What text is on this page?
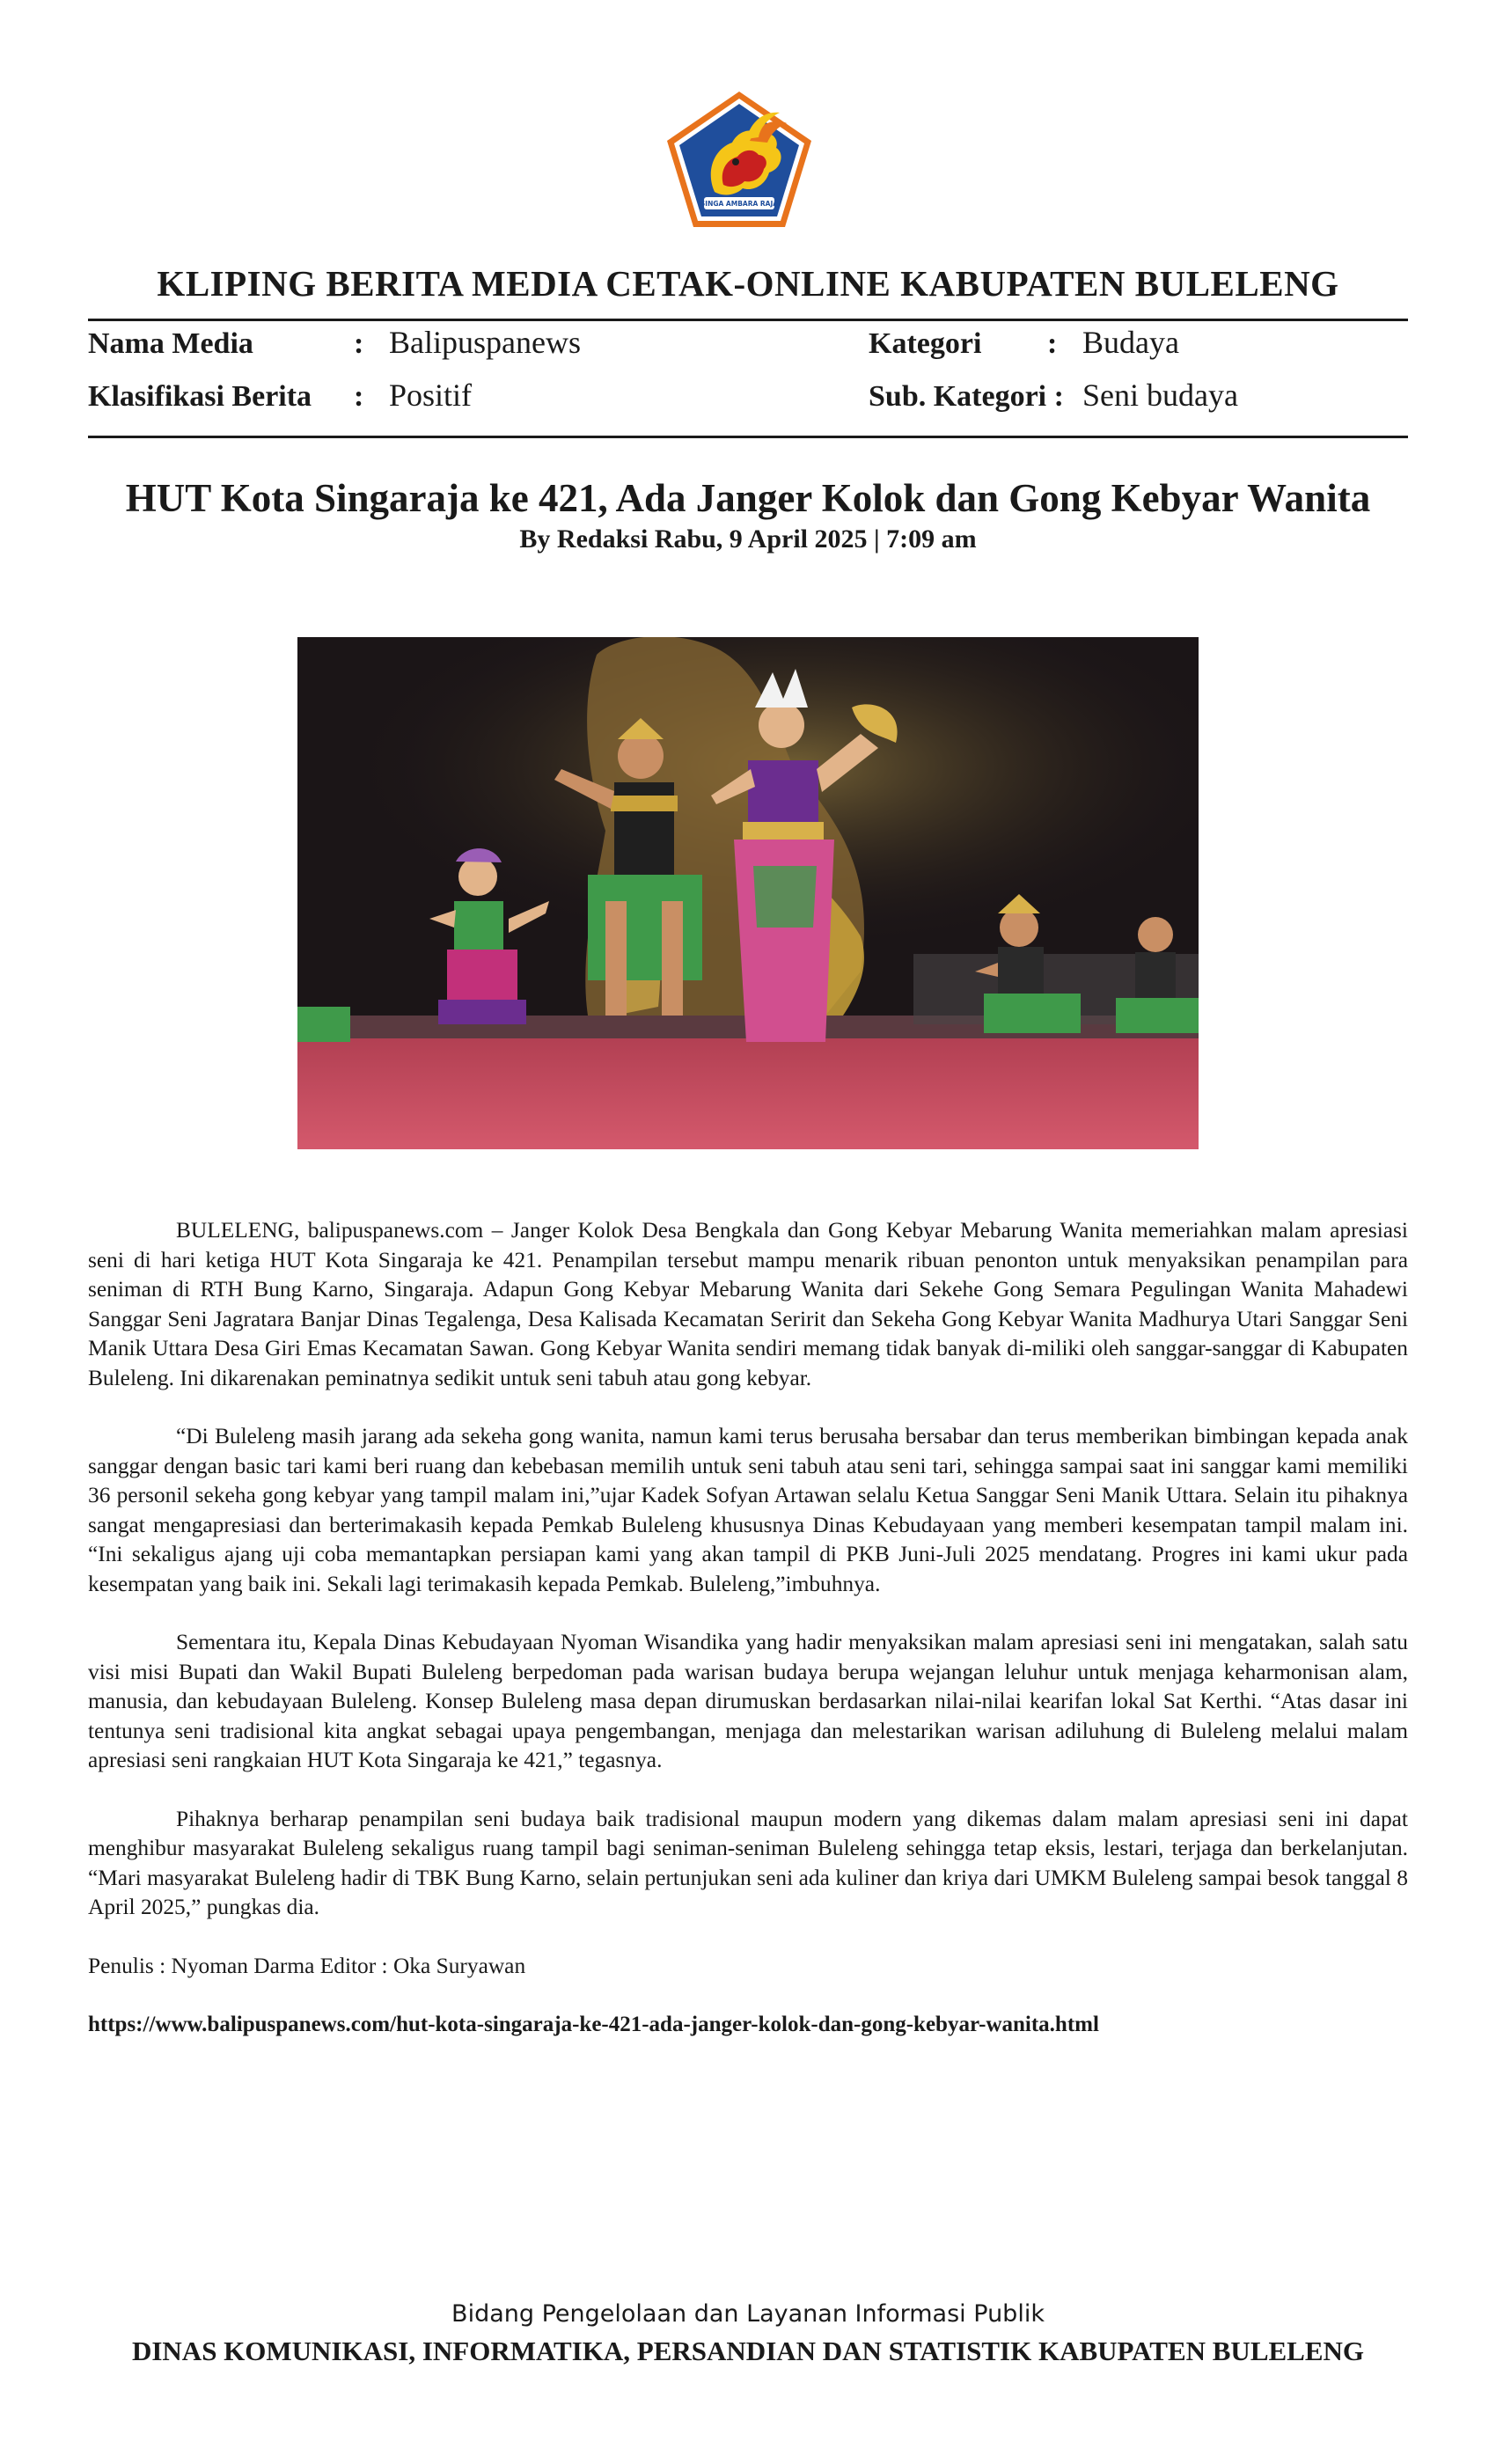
SINGA AMBARA RAJA
KLIPING BERITA MEDIA CETAK-ONLINE KABUPATEN BULELENG
Nama Media	: Balipuspanews	Kategori : Budaya
Klasifikasi Berita : Positif	Sub. Kategori : Seni budaya
HUT Kota Singaraja ke 421, Ada Janger Kolok dan Gong Kebyar Wanita
By Redaksi Rabu, 9 April 2025 | 7:09 am

BULELENG, balipuspanews.com – Janger Kolok Desa Bengkala dan Gong Kebyar Mebarung Wanita memeriahkan malam apresiasi seni di hari ketiga HUT Kota Singaraja ke 421. Penampilan tersebut mampu menarik ribuan penonton untuk menyaksikan penampilan para seniman di RTH Bung Karno, Singaraja. Adapun Gong Kebyar Mebarung Wanita dari Sekehe Gong Semara Pegulingan Wanita Mahadewi Sanggar Seni Jagratara Banjar Dinas Tegalenga, Desa Kalisada Kecamatan Seririt dan Sekeha Gong Kebyar Wanita Madhurya Utari Sanggar Seni Manik Uttara Desa Giri Emas Kecamatan Sawan. Gong Kebyar Wanita sendiri memang tidak banyak di-miliki oleh sanggar-sanggar di Kabupaten Buleleng. Ini dikarenakan peminatnya sedikit untuk seni tabuh atau gong kebyar.

“Di Buleleng masih jarang ada sekeha gong wanita, namun kami terus berusaha bersabar dan terus memberikan bimbingan kepada anak sanggar dengan basic tari kami beri ruang dan kebebasan memilih untuk seni tabuh atau seni tari, sehingga sampai saat ini sanggar kami memiliki 36 personil sekeha gong kebyar yang tampil malam ini,”ujar Kadek Sofyan Artawan selalu Ketua Sanggar Seni Manik Uttara. Selain itu pihaknya sangat mengapresiasi dan berterimakasih kepada Pemkab Buleleng khususnya Dinas Kebudayaan yang memberi kesempatan tampil malam ini. “Ini sekaligus ajang uji coba memantapkan persiapan kami yang akan tampil di PKB Juni-Juli 2025 mendatang. Progres ini kami ukur pada kesempatan yang baik ini. Sekali lagi terimakasih kepada Pemkab. Buleleng,”imbuhnya.

Sementara itu, Kepala Dinas Kebudayaan Nyoman Wisandika yang hadir menyaksikan malam apresiasi seni ini mengatakan, salah satu visi misi Bupati dan Wakil Bupati Buleleng berpedoman pada warisan budaya berupa wejangan leluhur untuk menjaga keharmonisan alam, manusia, dan kebudayaan Buleleng. Konsep Buleleng masa depan dirumuskan berdasarkan nilai-nilai kearifan lokal Sat Kerthi. “Atas dasar ini tentunya seni tradisional kita angkat sebagai upaya pengembangan, menjaga dan melestarikan warisan adiluhung di Buleleng melalui malam apresiasi seni rangkaian HUT Kota Singaraja ke 421,” tegasnya.

Pihaknya berharap penampilan seni budaya baik tradisional maupun modern yang dikemas dalam malam apresiasi seni ini dapat menghibur masyarakat Buleleng sekaligus ruang tampil bagi seniman-seniman Buleleng sehingga tetap eksis, lestari, terjaga dan berkelanjutan. “Mari masyarakat Buleleng hadir di TBK Bung Karno, selain pertunjukan seni ada kuliner dan kriya dari UMKM Buleleng sampai besok tanggal 8 April 2025,” pungkas dia.

Penulis : Nyoman Darma Editor : Oka Suryawan

https://www.balipuspanews.com/hut-kota-singaraja-ke-421-ada-janger-kolok-dan-gong-kebyar-wanita.html

Bidang Pengelolaan dan Layanan Informasi Publik
DINAS KOMUNIKASI, INFORMATIKA, PERSANDIAN DAN STATISTIK KABUPATEN BULELENG
